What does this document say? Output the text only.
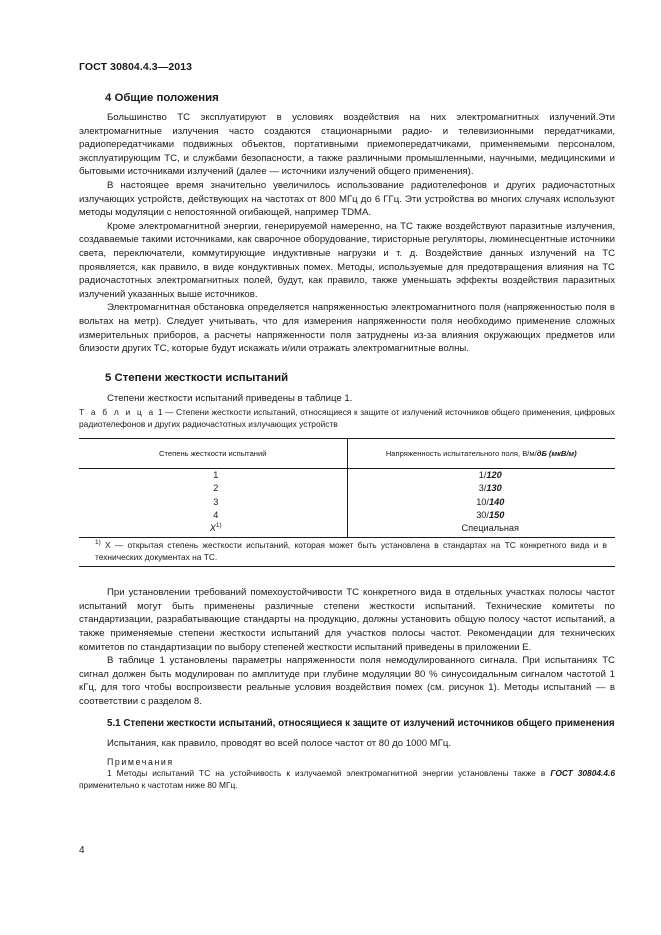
ГОСТ 30804.4.3—2013
4 Общие положения

Большинство ТС эксплуатируют в условиях воздействия на них электромагнитных излучений.Эти электромагнитные излучения часто создаются стационарными радио- и телевизионными передатчиками, радиопередатчиками подвижных объектов, портативными приемопередатчиками, применяемыми персоналом, эксплуатирующим ТС, и службами безопасности, а также различными промышленными, научными, медицинскими и бытовыми источниками излучений (далее — источники излучений общего применения).

В настоящее время значительно увеличилось использование радиотелефонов и других радиочастотных излучающих устройств, действующих на частотах от 800 МГц до 6 ГГц. Эти устройства во многих случаях используют методы модуляции с непостоянной огибающей, например TDMA.

Кроме электромагнитной энергии, генерируемой намеренно, на ТС также воздействуют паразитные излучения, создаваемые такими источниками, как сварочное оборудование, тиристорные регуляторы, люминесцентные источники света, переключатели, коммутирующие индуктивные нагрузки и т. д. Воздействие данных излучений на ТС проявляется, как правило, в виде кондуктивных помех. Методы, используемые для предотвращения влияния на ТС радиочастотных электромагнитных полей, будут, как правило, также уменьшать эффекты воздействия паразитных излучений указанных выше источников.

Электромагнитная обстановка определяется напряженностью электромагнитного поля (напряженностью поля в вольтах на метр). Следует учитывать, что для измерения напряженности поля необходимо применение сложных измерительных приборов, а расчеты напряженности поля затруднены из-за влияния окружающих предметов или близости других ТС, которые будут искажать и/или отражать электромагнитные волны.

5 Степени жесткости испытаний

Степени жесткости испытаний приведены в таблице 1.

Т а б л и ц а 1 — Степени жесткости испытаний, относящиеся к защите от излучений источников общего применения, цифровых радиотелефонов и других радиочастотных излучающих устройств
Степень жесткости испытаний	Напряженность испытательного поля, В/м/дБ (мкВ/м)
1	1/120
2	3/130
3	10/140
4	30/150
$X^{1)}$	Специальная
$^{1)}$ X — открытая степень жесткости испытаний, которая может быть установлена в стандартах на ТС конкретного вида и в технических документах на ТС.	

При установлении требований помехоустойчивости ТС конкретного вида в отдельных участках полосы частот испытаний могут быть применены различные степени жесткости испытаний. Технические комитеты по стандартизации, разрабатывающие стандарты на продукцию, должны установить общую полосу частот испытаний, а также применяемые степени жесткости испытаний для участков полосы частот. Рекомендации для технических комитетов по стандартизации по выбору степеней жесткости испытаний приведены в приложении Е.

В таблице 1 установлены параметры напряженности поля немодулированного сигнала. При испытаниях ТС сигнал должен быть модулирован по амплитуде при глубине модуляции 80 % синусоидальным сигналом частотой 1 кГц, для того чтобы воспроизвести реальные условия воздействия помех (см. рисунок 1). Методы испытаний — в соответствии с разделом 8.

5.1 Степени жесткости испытаний, относящиеся к защите от излучений источников общего применения

Испытания, как правило, проводят во всей полосе частот от 80 до 1000 МГц.

Примечания
1 Методы испытаний ТС на устойчивость к излучаемой электромагнитной энергии установлены также в ГОСТ 30804.4.6 применительно к частотам ниже 80 МГц.
4
